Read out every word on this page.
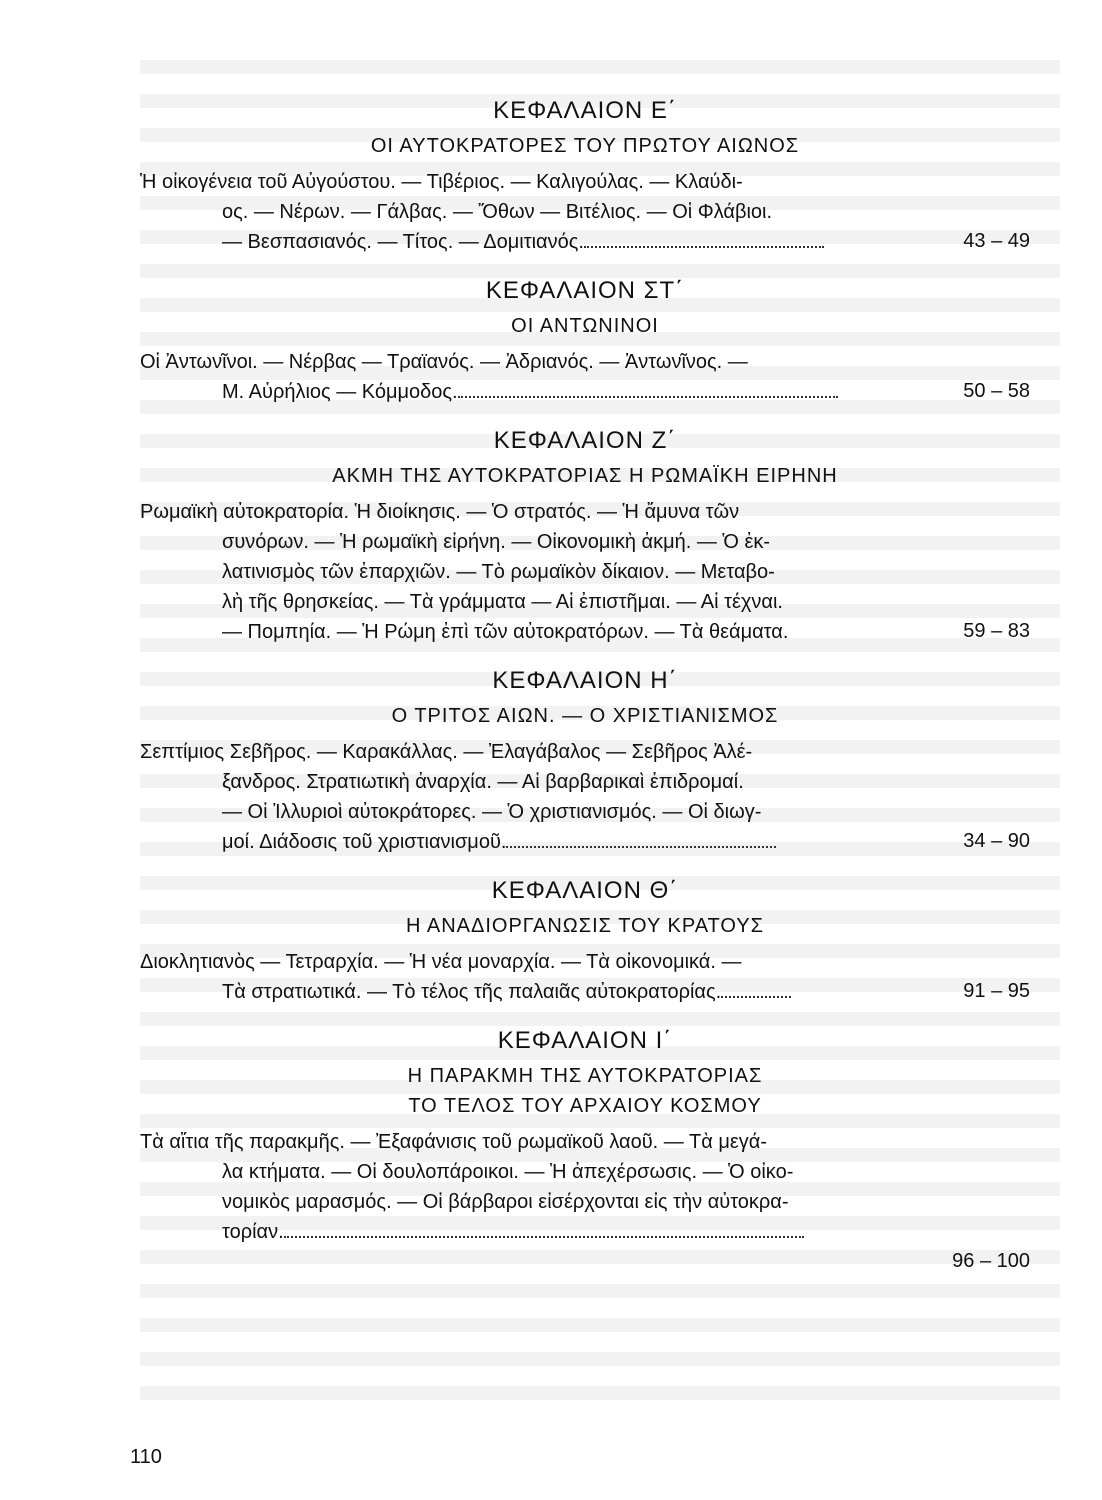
ΚΕΦΑΛΑΙΟΝ Ε΄
ΟΙ ΑΥΤΟΚΡΑΤΟΡΕΣ ΤΟΥ ΠΡΩΤΟΥ ΑΙΩΝΟΣ
Ἡ οἰκογένεια τοῦ Αὐγούστου. — Τιβέριος. — Καλιγούλας. — Κλαύδι-
ος. — Νέρων. — Γάλβας. — Ὄθων — Βιτέλιος. — Οἱ Φλάβιοι.
— Βεσπασιανός. — Τίτος. — Δομιτιανός.	43 – 49
ΚΕΦΑΛΑΙΟΝ ΣΤ΄
ΟΙ ΑΝΤΩΝΙΝΟΙ
Οἱ Ἀντωνῖνοι. — Νέρβας — Τραϊανός. — Ἀδριανός. — Ἀντωνῖνος. —
Μ. Αὐρήλιος — Κόμμοδος.	50 – 58
ΚΕΦΑΛΑΙΟΝ Ζ΄
ΑΚΜΗ ΤΗΣ ΑΥΤΟΚΡΑΤΟΡΙΑΣ Η ΡΩΜΑΪΚΗ ΕΙΡΗΝΗ
Ρωμαϊκὴ αὐτοκρατορία. Ἡ διοίκησις. — Ὁ στρατός. — Ἡ ἄμυνα τῶν
συνόρων. — Ἡ ρωμαϊκὴ εἰρήνη. — Οἰκονομικὴ ἀκμή. — Ὁ ἐκ-
λατινισμὸς τῶν ἐπαρχιῶν. — Τὸ ρωμαϊκὸν δίκαιον. — Μεταβο-
λὴ τῆς θρησκείας. — Τὰ γράμματα — Αἱ ἐπιστῆμαι. — Αἱ τέχναι.
— Πομπηία. — Ἡ Ρώμη ἐπὶ τῶν αὐτοκρατόρων. — Τὰ θεάματα.	59 – 83
ΚΕΦΑΛΑΙΟΝ Η΄
Ο ΤΡΙΤΟΣ ΑΙΩΝ. — Ο ΧΡΙΣΤΙΑΝΙΣΜΟΣ
Σεπτίμιος Σεβῆρος. — Καρακάλλας. — Ἐλαγάβαλος — Σεβῆρος Ἀλέ-
ξανδρος. Στρατιωτικὴ ἀναρχία. — Αἱ βαρβαρικαὶ ἐπιδρομαί.
— Οἱ Ἰλλυριοὶ αὐτοκράτορες. — Ὁ χριστιανισμός. — Οἱ διωγ-
μοί. Διάδοσις τοῦ χριστιανισμοῦ.	34 – 90
ΚΕΦΑΛΑΙΟΝ Θ΄
Η ΑΝΑΔΙΟΡΓΑΝΩΣΙΣ ΤΟΥ ΚΡΑΤΟΥΣ
Διοκλητιανὸς — Τετραρχία. — Ἡ νέα μοναρχία. — Τὰ οἰκονομικά. —
Τὰ στρατιωτικά. — Τὸ τέλος τῆς παλαιᾶς αὐτοκρατορίας.	91 – 95
ΚΕΦΑΛΑΙΟΝ Ι΄
Η ΠΑΡΑΚΜΗ ΤΗΣ ΑΥΤΟΚΡΑΤΟΡΙΑΣ
ΤΟ ΤΕΛΟΣ ΤΟΥ ΑΡΧΑΙΟΥ ΚΟΣΜΟΥ
Τὰ αἴτια τῆς παρακμῆς. — Ἐξαφάνισις τοῦ ρωμαϊκοῦ λαοῦ. — Τὰ μεγά-
λα κτήματα. — Οἱ δουλοπάροικοι. — Ἡ ἀπεχέρσωσις. — Ὁ οἰκο-
νομικὸς μαρασμός. — Οἱ βάρβαροι εἰσέρχονται εἰς τὴν αὐτοκρα-
τορίαν.
96 – 100
110
